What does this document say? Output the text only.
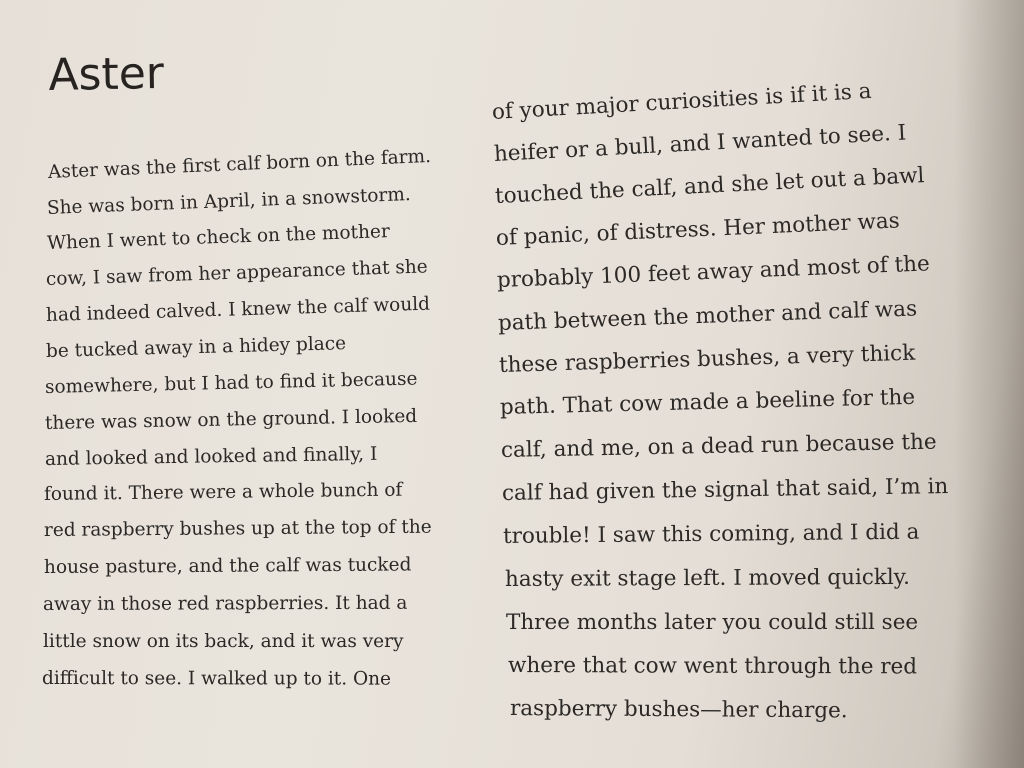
Aster
Aster was the first calf born on the farm.
She was born in April, in a snowstorm.
When I went to check on the mother
cow, I saw from her appearance that she
had indeed calved. I knew the calf would
be tucked away in a hidey place
somewhere, but I had to find it because
there was snow on the ground. I looked
and looked and looked and finally, I
found it. There were a whole bunch of
red raspberry bushes up at the top of the
house pasture, and the calf was tucked
away in those red raspberries. It had a
little snow on its back, and it was very
difficult to see. I walked up to it. One
of your major curiosities is if it is a
heifer or a bull, and I wanted to see. I
touched the calf, and she let out a bawl
of panic, of distress. Her mother was
probably 100 feet away and most of the
path between the mother and calf was
these raspberries bushes, a very thick
path. That cow made a beeline for the
calf, and me, on a dead run because the
calf had given the signal that said, I’m in
trouble! I saw this coming, and I did a
hasty exit stage left. I moved quickly.
Three months later you could still see
where that cow went through the red
raspberry bushes—her charge.
